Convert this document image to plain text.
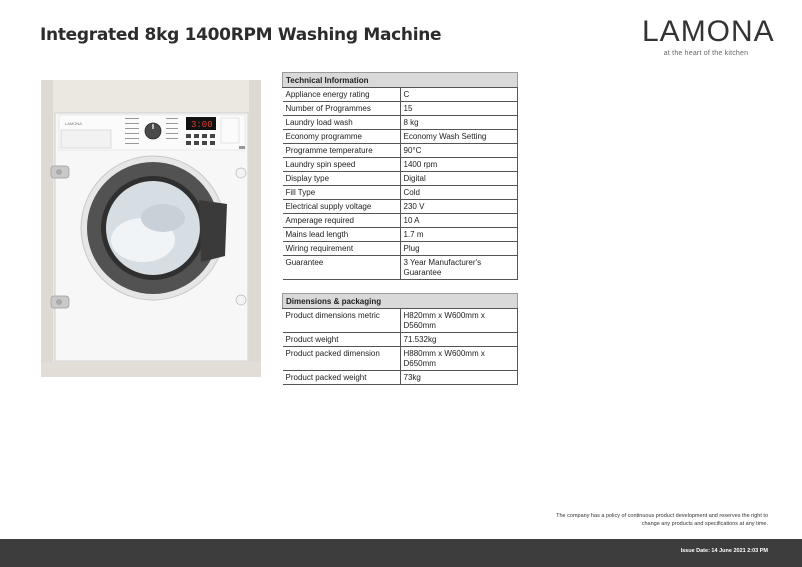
Integrated 8kg 1400RPM Washing Machine	LAMONA
at the heart of the kitchen
LAMONA	3:00
Technical Information	
Appliance energy rating	C
Number of Programmes	15
Laundry load wash	8 kg
Economy programme	Economy Wash Setting
Programme temperature	90°C
Laundry spin speed	1400 rpm
Display type	Digital
Fill Type	Cold
Electrical supply voltage	230 V
Amperage required	10 A
Mains lead length	1.7 m
Wiring requirement	Plug
Guarantee	3 Year Manufacturer's Guarantee
Dimensions & packaging	
Product dimensions metric	H820mm x W600mm x D560mm
Product weight	71.532kg
Product packed dimension	H880mm x W600mm x D650mm
Product packed weight	73kg
The company has a policy of continuous product development and reserves the right to
change any products and specifications at any time.
Issue Date: 14 June 2021 2:03 PM
